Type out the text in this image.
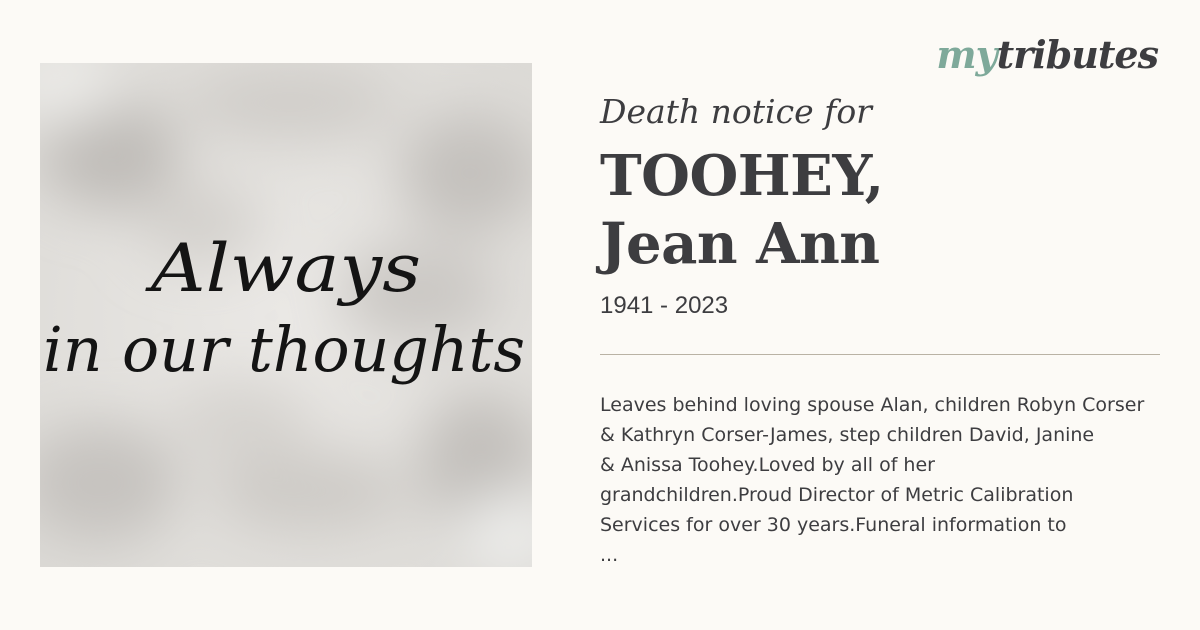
Always
in our thoughts
mytributes
Death notice for
TOOHEY,
Jean Ann
1941 - 2023
Leaves behind loving spouse Alan, children Robyn Corser
& Kathryn Corser-James, step children David, Janine
& Anissa Toohey.Loved by all of her
grandchildren.Proud Director of Metric Calibration
Services for over 30 years.Funeral information to
...
